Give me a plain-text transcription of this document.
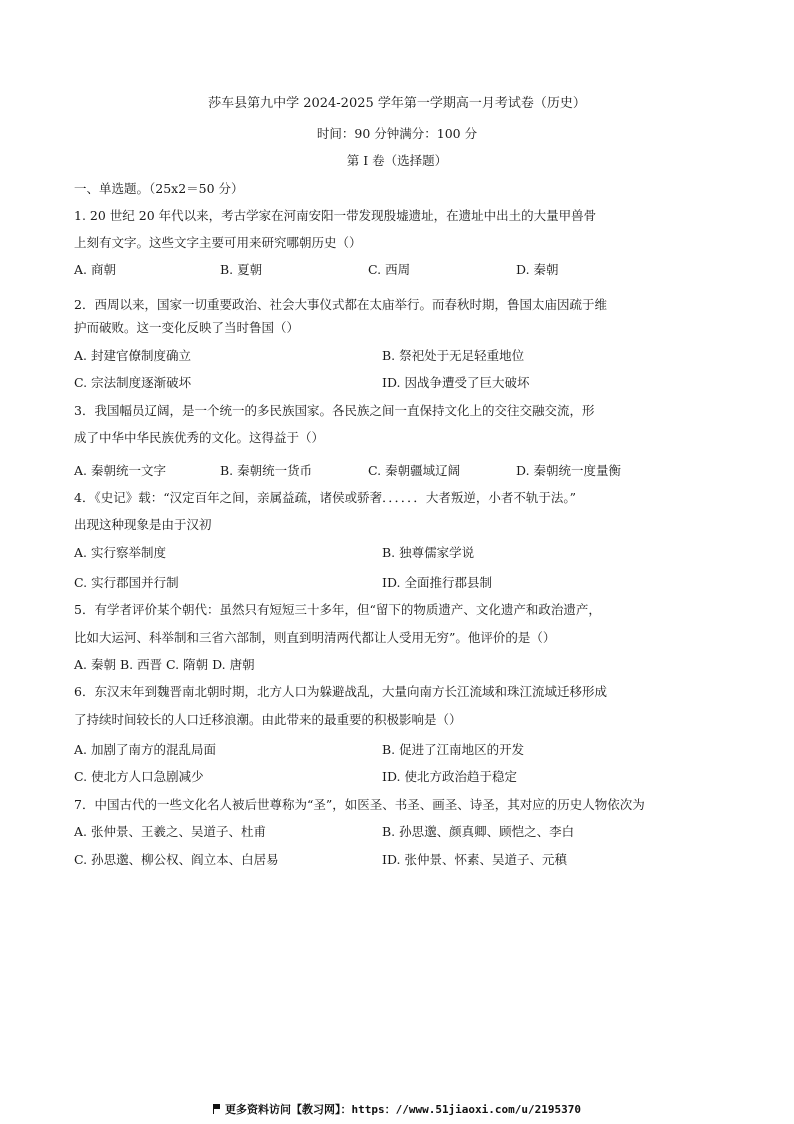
莎车县第九中学 2024-2025 学年第一学期高一月考试卷（历史）
时间：90 分钟满分：100 分
第 I 卷（选择题）
一、单选题。（25x2＝50 分）
1. 20 世纪 20 年代以来，考古学家在河南安阳一带发现殷墟遗址，在遗址中出土的大量甲兽骨
上刻有文字。这些文字主要可用来研究哪朝历史（）
A. 商朝	B. 夏朝	C. 西周	D. 秦朝
2．西周以来，国家一切重要政治、社会大事仪式都在太庙举行。而春秋时期，鲁国太庙因疏于维
护而破败。这一变化反映了当时鲁国（）
A. 封建官僚制度确立	B. 祭祀处于无足轻重地位
C. 宗法制度逐渐破坏	ID. 因战争遭受了巨大破坏
3．我国幅员辽阔，是一个统一的多民族国家。各民族之间一直保持文化上的交往交融交流，形
成了中华中华民族优秀的文化。这得益于（）
A. 秦朝统一文字	B. 秦朝统一货币	C. 秦朝疆域辽阔	D. 秦朝统一度量衡
4．《史记》载：“汉定百年之间，亲属益疏，诸侯或骄奢．．．．．．大者叛逆，小者不轨于法。”
出现这种现象是由于汉初
A. 实行察举制度	B. 独尊儒家学说
C. 实行郡国并行制	ID. 全面推行郡县制
5．有学者评价某个朝代：虽然只有短短三十多年，但“留下的物质遗产、文化遗产和政治遗产，
比如大运河、科举制和三省六部制，则直到明清两代都让人受用无穷”。他评价的是（）
A. 秦朝 B. 西晋 C. 隋朝 D. 唐朝
6．东汉末年到魏晋南北朝时期，北方人口为躲避战乱，大量向南方长江流域和珠江流域迁移形成
了持续时间较长的人口迁移浪潮。由此带来的最重要的积极影响是（）
A. 加剧了南方的混乱局面	B. 促进了江南地区的开发
C. 使北方人口急剧减少	ID. 使北方政治趋于稳定
7．中国古代的一些文化名人被后世尊称为“圣”，如医圣、书圣、画圣、诗圣，其对应的历史人物依次为
A. 张仲景、王羲之、吴道子、杜甫	B. 孙思邈、颜真卿、顾恺之、李白
C. 孙思邈、柳公权、阎立本、白居易	ID. 张仲景、怀素、吴道子、元稹
更多资料访问【教习网】：https：//www.51jiaoxi.com/u/2195370
